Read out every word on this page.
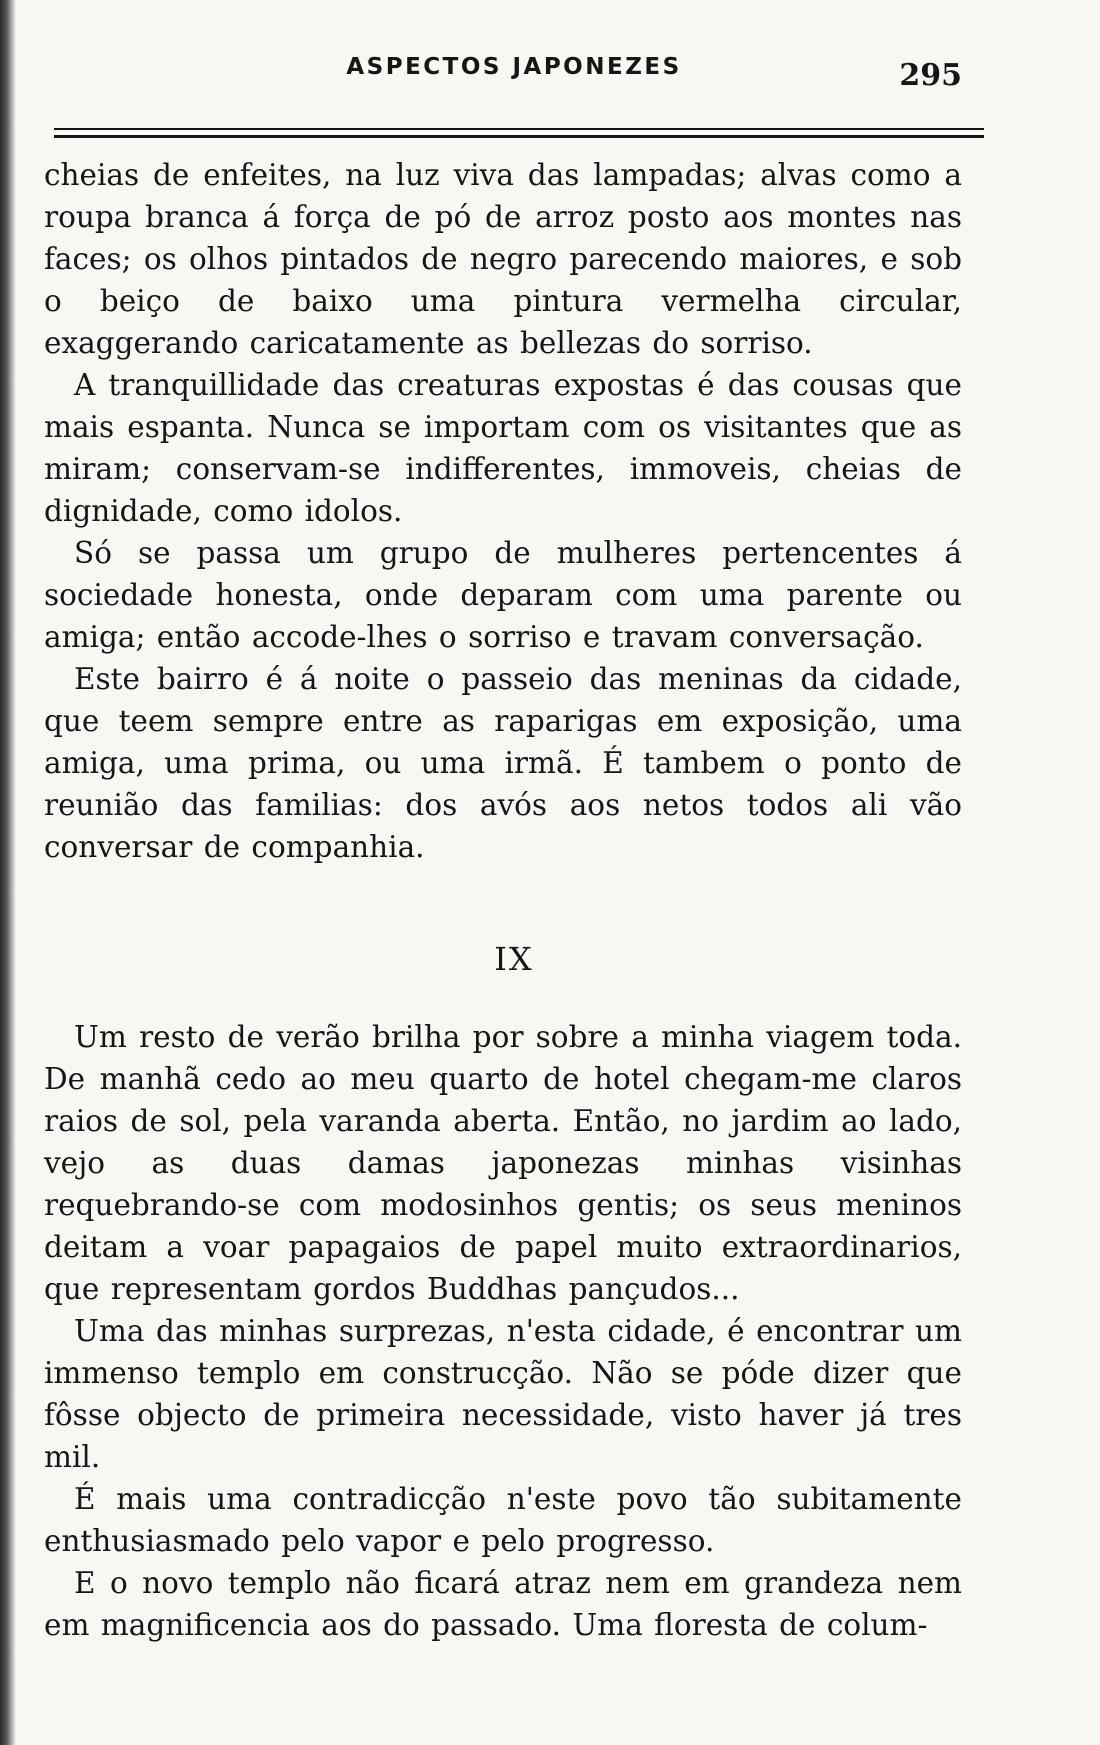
ASPECTOS JAPONEZES	295

cheias de enfeites, na luz viva das lampadas; alvas como a roupa branca á força de pó de arroz posto aos montes nas faces; os olhos pintados de negro parecendo maiores, e sob o beiço de baixo uma pintura vermelha circular, exaggerando caricatamente as bellezas do sorriso.

A tranquillidade das creaturas expostas é das cousas que mais espanta. Nunca se importam com os visitantes que as miram; conservam-se indifferentes, immoveis, cheias de dignidade, como idolos.

Só se passa um grupo de mulheres pertencentes á sociedade honesta, onde deparam com uma parente ou amiga; então accode-lhes o sorriso e travam conversação.

Este bairro é á noite o passeio das meninas da cidade, que teem sempre entre as raparigas em exposição, uma amiga, uma prima, ou uma irmã. É tambem o ponto de reunião das familias: dos avós aos netos todos ali vão conversar de companhia.

IX

Um resto de verão brilha por sobre a minha viagem toda. De manhã cedo ao meu quarto de hotel chegam-me claros raios de sol, pela varanda aberta. Então, no jardim ao lado, vejo as duas damas japonezas minhas visinhas requebrando-se com modosinhos gentis; os seus meninos deitam a voar papagaios de papel muito extraordinarios, que representam gordos Buddhas pançudos...

Uma das minhas surprezas, n'esta cidade, é encontrar um immenso templo em construcção. Não se póde dizer que fôsse objecto de primeira necessidade, visto haver já tres mil.

É mais uma contradicção n'este povo tão subitamente enthusiasmado pelo vapor e pelo progresso.

E o novo templo não ficará atraz nem em grandeza nem em magnificencia aos do passado. Uma floresta de colum-
